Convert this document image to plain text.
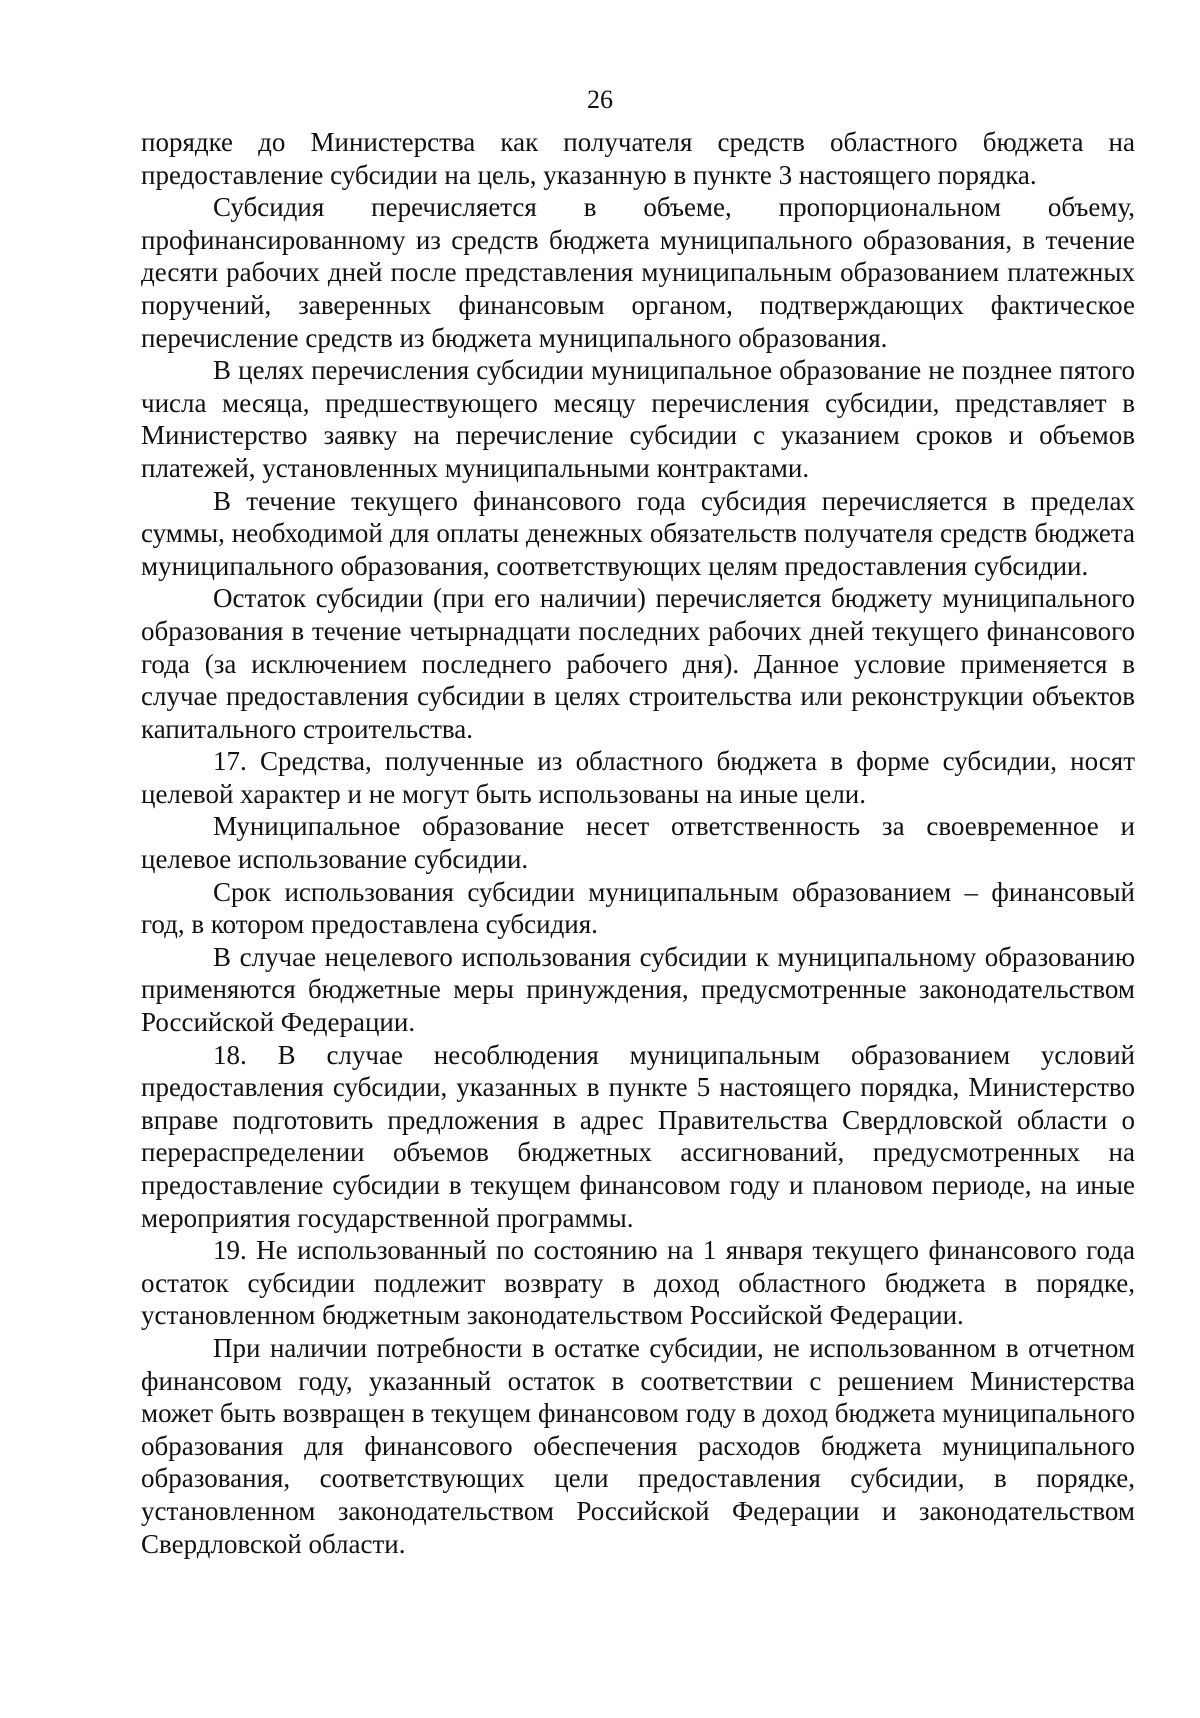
26

порядке до Министерства как получателя средств областного бюджета на предоставление субсидии на цель, указанную в пункте 3 настоящего порядка.

Субсидия перечисляется в объеме, пропорциональном объему, профинансированному из средств бюджета муниципального образования, в течение десяти рабочих дней после представления муниципальным образованием платежных поручений, заверенных финансовым органом, подтверждающих фактическое перечисление средств из бюджета муниципального образования.

В целях перечисления субсидии муниципальное образование не позднее пятого числа месяца, предшествующего месяцу перечисления субсидии, представляет в Министерство заявку на перечисление субсидии с указанием сроков и объемов платежей, установленных муниципальными контрактами.

В течение текущего финансового года субсидия перечисляется в пределах суммы, необходимой для оплаты денежных обязательств получателя средств бюджета муниципального образования, соответствующих целям предоставления субсидии.

Остаток субсидии (при его наличии) перечисляется бюджету муниципального образования в течение четырнадцати последних рабочих дней текущего финансового года (за исключением последнего рабочего дня). Данное условие применяется в случае предоставления субсидии в целях строительства или реконструкции объектов капитального строительства.

17. Средства, полученные из областного бюджета в форме субсидии, носят целевой характер и не могут быть использованы на иные цели.

Муниципальное образование несет ответственность за своевременное и целевое использование субсидии.

Срок использования субсидии муниципальным образованием – финансовый год, в котором предоставлена субсидия.

В случае нецелевого использования субсидии к муниципальному образованию применяются бюджетные меры принуждения, предусмотренные законодательством Российской Федерации.

18. В случае несоблюдения муниципальным образованием условий предоставления субсидии, указанных в пункте 5 настоящего порядка, Министерство вправе подготовить предложения в адрес Правительства Свердловской области о перераспределении объемов бюджетных ассигнований, предусмотренных на предоставление субсидии в текущем финансовом году и плановом периоде, на иные мероприятия государственной программы.

19. Не использованный по состоянию на 1 января текущего финансового года остаток субсидии подлежит возврату в доход областного бюджета в порядке, установленном бюджетным законодательством Российской Федерации.

При наличии потребности в остатке субсидии, не использованном в отчетном финансовом году, указанный остаток в соответствии с решением Министерства может быть возвращен в текущем финансовом году в доход бюджета муниципального образования для финансового обеспечения расходов бюджета муниципального образования, соответствующих цели предоставления субсидии, в порядке, установленном законодательством Российской Федерации и законодательством Свердловской области.
